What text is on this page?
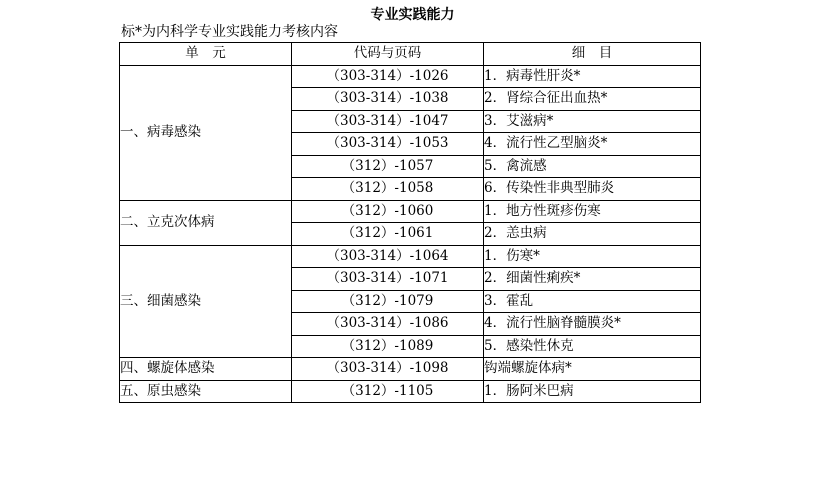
专业实践能力
标*为内科学专业实践能力考核内容
单　元	代码与页码	细　目
一、病毒感染	（303-314）-1026	1．病毒性肝炎*
	（303-314）-1038	2．肾综合征出血热*
	（303-314）-1047	3．艾滋病*
	（303-314）-1053	4．流行性乙型脑炎*
	（312）-1057	5．禽流感
	（312）-1058	6．传染性非典型肺炎
二、立克次体病	（312）-1060	1．地方性斑疹伤寒
	（312）-1061	2．恙虫病
三、细菌感染	（303-314）-1064	1．伤寒*
	（303-314）-1071	2．细菌性痢疾*
	（312）-1079	3．霍乱
	（303-314）-1086	4．流行性脑脊髓膜炎*
	（312）-1089	5．感染性休克
四、螺旋体感染	（303-314）-1098	钩端螺旋体病*
五、原虫感染	（312）-1105	1．肠阿米巴病
